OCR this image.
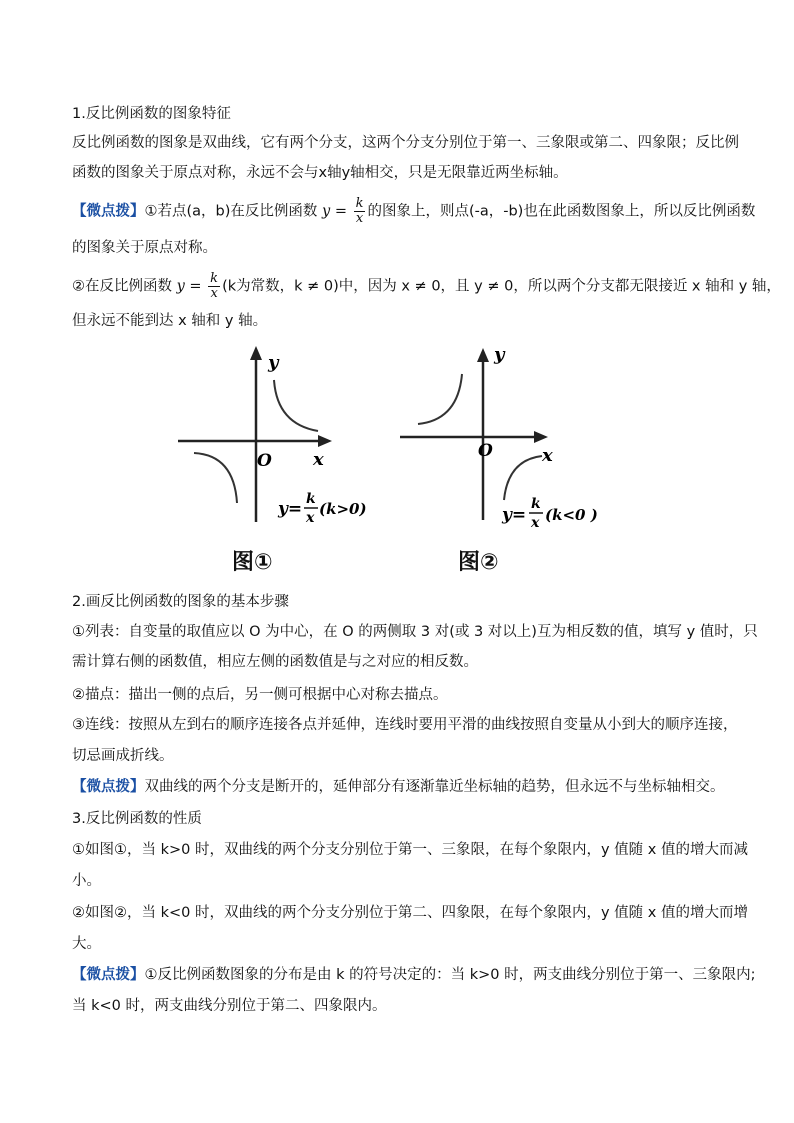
1.反比例函数的图象特征
反比例函数的图象是双曲线，它有两个分支，这两个分支分别位于第一、三象限或第二、四象限；反比例
函数的图象关于原点对称，永远不会与x轴y轴相交，只是无限靠近两坐标轴。
【微点拨】①若点(a，b)在反比例函数 $y = \frac{k}{x}$ 的图象上，则点(-a，-b)也在此函数图象上，所以反比例函数
的图象关于原点对称。
②在反比例函数 $y = \frac{k}{x} (k$为常数，k ≠ 0)中，因为 x ≠ 0，且 y ≠ 0，所以两个分支都无限接近 x 轴和 y 轴，
但永远不能到达 x 轴和 y 轴。
y
x
O
y= k
x (k>0)
图①
y
x
O
y=
k
x (k<0 )
图②
2.画反比例函数的图象的基本步骤
①列表：自变量的取值应以 O 为中心，在 O 的两侧取 3 对(或 3 对以上)互为相反数的值，填写 y 值时，只
需计算右侧的函数值，相应左侧的函数值是与之对应的相反数。
②描点：描出一侧的点后，另一侧可根据中心对称去描点。
③连线：按照从左到右的顺序连接各点并延伸，连线时要用平滑的曲线按照自变量从小到大的顺序连接，
切忌画成折线。
【微点拨】双曲线的两个分支是断开的，延伸部分有逐渐靠近坐标轴的趋势，但永远不与坐标轴相交。
3.反比例函数的性质
①如图①，当 k>0 时，双曲线的两个分支分别位于第一、三象限，在每个象限内，y 值随 x 值的增大而减
小。
②如图②，当 k<0 时，双曲线的两个分支分别位于第二、四象限，在每个象限内，y 值随 x 值的增大而增
大。
【微点拨】①反比例函数图象的分布是由 k 的符号决定的：当 k>0 时，两支曲线分别位于第一、三象限内;
当 k<0 时，两支曲线分别位于第二、四象限内。
